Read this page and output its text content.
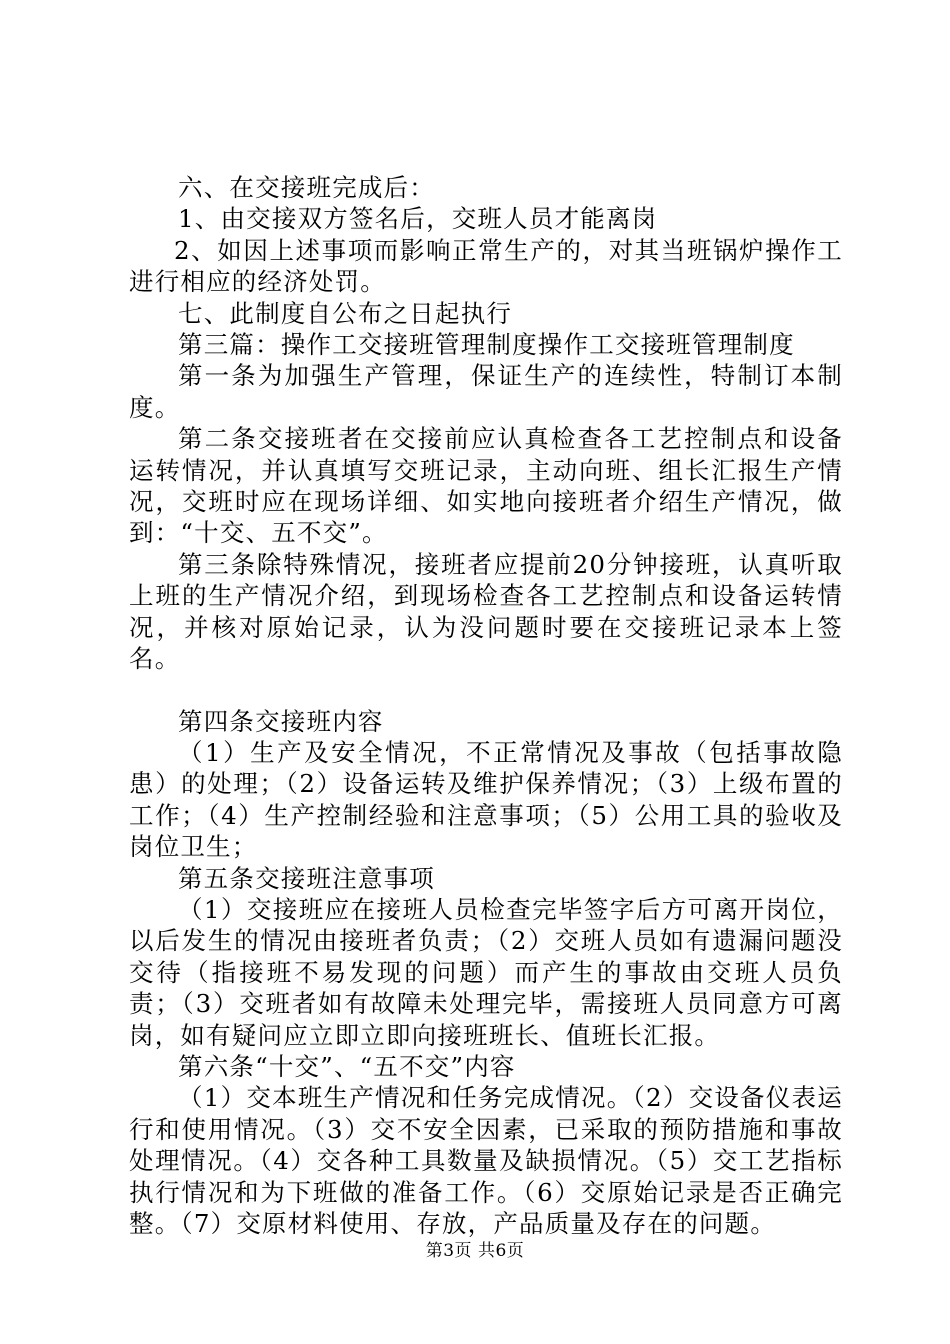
六、在交接班完成后：

1、由交接双方签名后，交班人员才能离岗

2、如因上述事项而影响正常生产的，对其当班锅炉操作工进行相应的经济处罚。

七、此制度自公布之日起执行

第三篇：操作工交接班管理制度操作工交接班管理制度

第一条为加强生产管理，保证生产的连续性，特制订本制度。

第二条交接班者在交接前应认真检查各工艺控制点和设备运转情况，并认真填写交班记录，主动向班、组长汇报生产情况，交班时应在现场详细、如实地向接班者介绍生产情况，做到：“十交、五不交”。

第三条除特殊情况，接班者应提前20分钟接班，认真听取上班的生产情况介绍，到现场检查各工艺控制点和设备运转情况，并核对原始记录，认为没问题时要在交接班记录本上签名。

第四条交接班内容

（1）生产及安全情况，不正常情况及事故（包括事故隐患）的处理；（2）设备运转及维护保养情况；（3）上级布置的工作；（4）生产控制经验和注意事项；（5）公用工具的验收及岗位卫生；

第五条交接班注意事项

（1）交接班应在接班人员检查完毕签字后方可离开岗位，以后发生的情况由接班者负责；（2）交班人员如有遗漏问题没交待（指接班不易发现的问题）而产生的事故由交班人员负责；（3）交班者如有故障未处理完毕，需接班人员同意方可离岗，如有疑问应立即立即向接班班长、值班长汇报。

第六条“十交”、“五不交”内容

（1）交本班生产情况和任务完成情况。（2）交设备仪表运行和使用情况。（3）交不安全因素，已采取的预防措施和事故处理情况。（4）交各种工具数量及缺损情况。（5）交工艺指标执行情况和为下班做的准备工作。（6）交原始记录是否正确完整。（7）交原材料使用、存放，产品质量及存在的问题。

第3页 共6页
